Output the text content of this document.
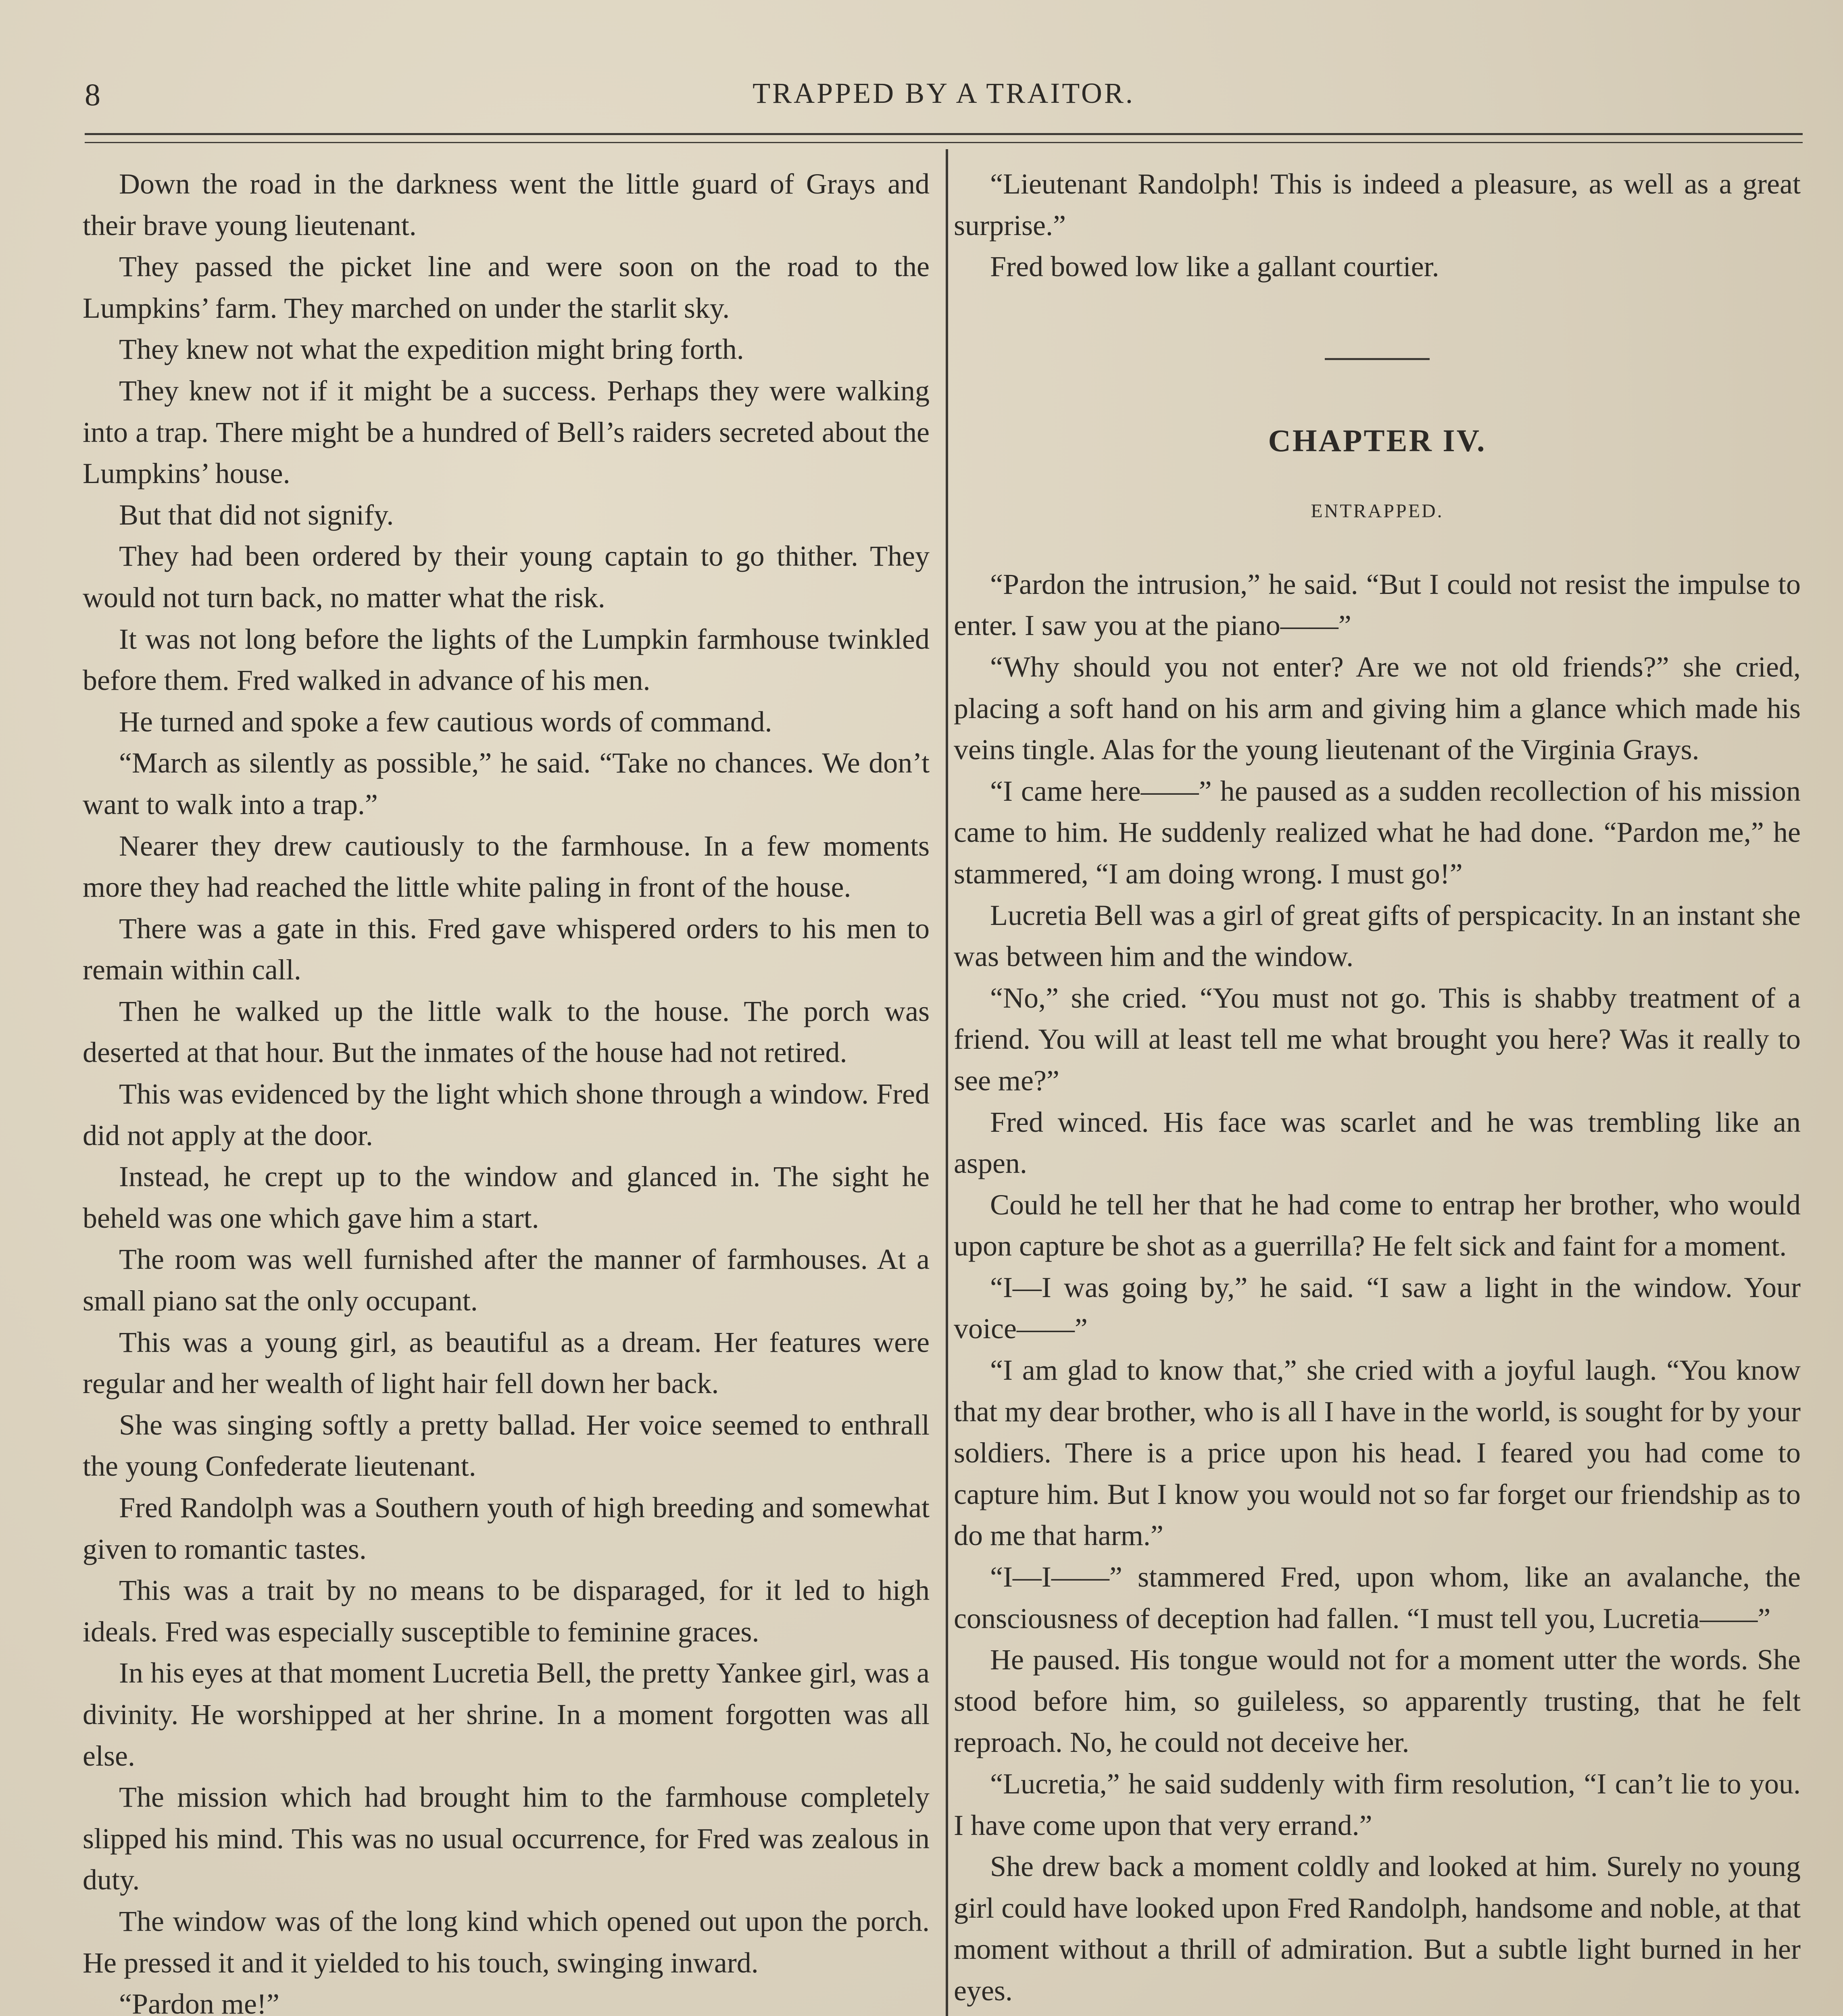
8	TRAPPED BY A TRAITOR.

Down the road in the darkness went the little guard of Grays and their brave young lieutenant.

They passed the picket line and were soon on the road to the Lumpkins’ farm. They marched on under the starlit sky.

They knew not what the expedition might bring forth.

They knew not if it might be a success. Perhaps they were walking into a trap. There might be a hundred of Bell’s raiders secreted about the Lumpkins’ house.

But that did not signify.

They had been ordered by their young captain to go thither. They would not turn back, no matter what the risk.

It was not long before the lights of the Lumpkin farmhouse twinkled before them. Fred walked in advance of his men.

He turned and spoke a few cautious words of command.

“March as silently as possible,” he said. “Take no chances. We don’t want to walk into a trap.”

Nearer they drew cautiously to the farmhouse. In a few moments more they had reached the little white paling in front of the house.

There was a gate in this. Fred gave whispered orders to his men to remain within call.

Then he walked up the little walk to the house. The porch was deserted at that hour. But the inmates of the house had not retired.

This was evidenced by the light which shone through a window. Fred did not apply at the door.

Instead, he crept up to the window and glanced in. The sight he beheld was one which gave him a start.

The room was well furnished after the manner of farmhouses. At a small piano sat the only occupant.

This was a young girl, as beautiful as a dream. Her features were regular and her wealth of light hair fell down her back.

She was singing softly a pretty ballad. Her voice seemed to enthrall the young Confederate lieutenant.

Fred Randolph was a Southern youth of high breeding and somewhat given to romantic tastes.

This was a trait by no means to be disparaged, for it led to high ideals. Fred was especially susceptible to feminine graces.

In his eyes at that moment Lucretia Bell, the pretty Yankee girl, was a divinity. He worshipped at her shrine. In a moment forgotten was all else.

The mission which had brought him to the farmhouse completely slipped his mind. This was no usual occurrence, for Fred was zealous in duty.

The window was of the long kind which opened out upon the porch. He pressed it and it yielded to his touch, swinging inward.

“Pardon me!”

“Lieutenant Randolph! This is indeed a pleasure, as well as a great surprise.”

Fred bowed low like a gallant courtier.

CHAPTER IV.
ENTRAPPED.

“Pardon the intrusion,” he said. “But I could not resist the impulse to enter. I saw you at the piano——”

“Why should you not enter? Are we not old friends?” she cried, placing a soft hand on his arm and giving him a glance which made his veins tingle. Alas for the young lieutenant of the Virginia Grays.

“I came here——” he paused as a sudden recollection of his mission came to him. He suddenly realized what he had done. “Pardon me,” he stammered, “I am doing wrong. I must go!”

Lucretia Bell was a girl of great gifts of perspicacity. In an instant she was between him and the window.

“No,” she cried. “You must not go. This is shabby treatment of a friend. You will at least tell me what brought you here? Was it really to see me?”

Fred winced. His face was scarlet and he was trembling like an aspen.

Could he tell her that he had come to entrap her brother, who would upon capture be shot as a guerrilla? He felt sick and faint for a moment.

“I—I was going by,” he said. “I saw a light in the window. Your voice——”

“I am glad to know that,” she cried with a joyful laugh. “You know that my dear brother, who is all I have in the world, is sought for by your soldiers. There is a price upon his head. I feared you had come to capture him. But I know you would not so far forget our friendship as to do me that harm.”

“I—I——” stammered Fred, upon whom, like an avalanche, the consciousness of deception had fallen. “I must tell you, Lucretia——”

He paused. His tongue would not for a moment utter the words. She stood before him, so guileless, so apparently trusting, that he felt reproach. No, he could not deceive her.

“Lucretia,” he said suddenly with firm resolution, “I can’t lie to you. I have come upon that very errand.”

She drew back a moment coldly and looked at him. Surely no young girl could have looked upon Fred Randolph, handsome and noble, at that moment without a thrill of admiration. But a subtle light burned in her eyes.
